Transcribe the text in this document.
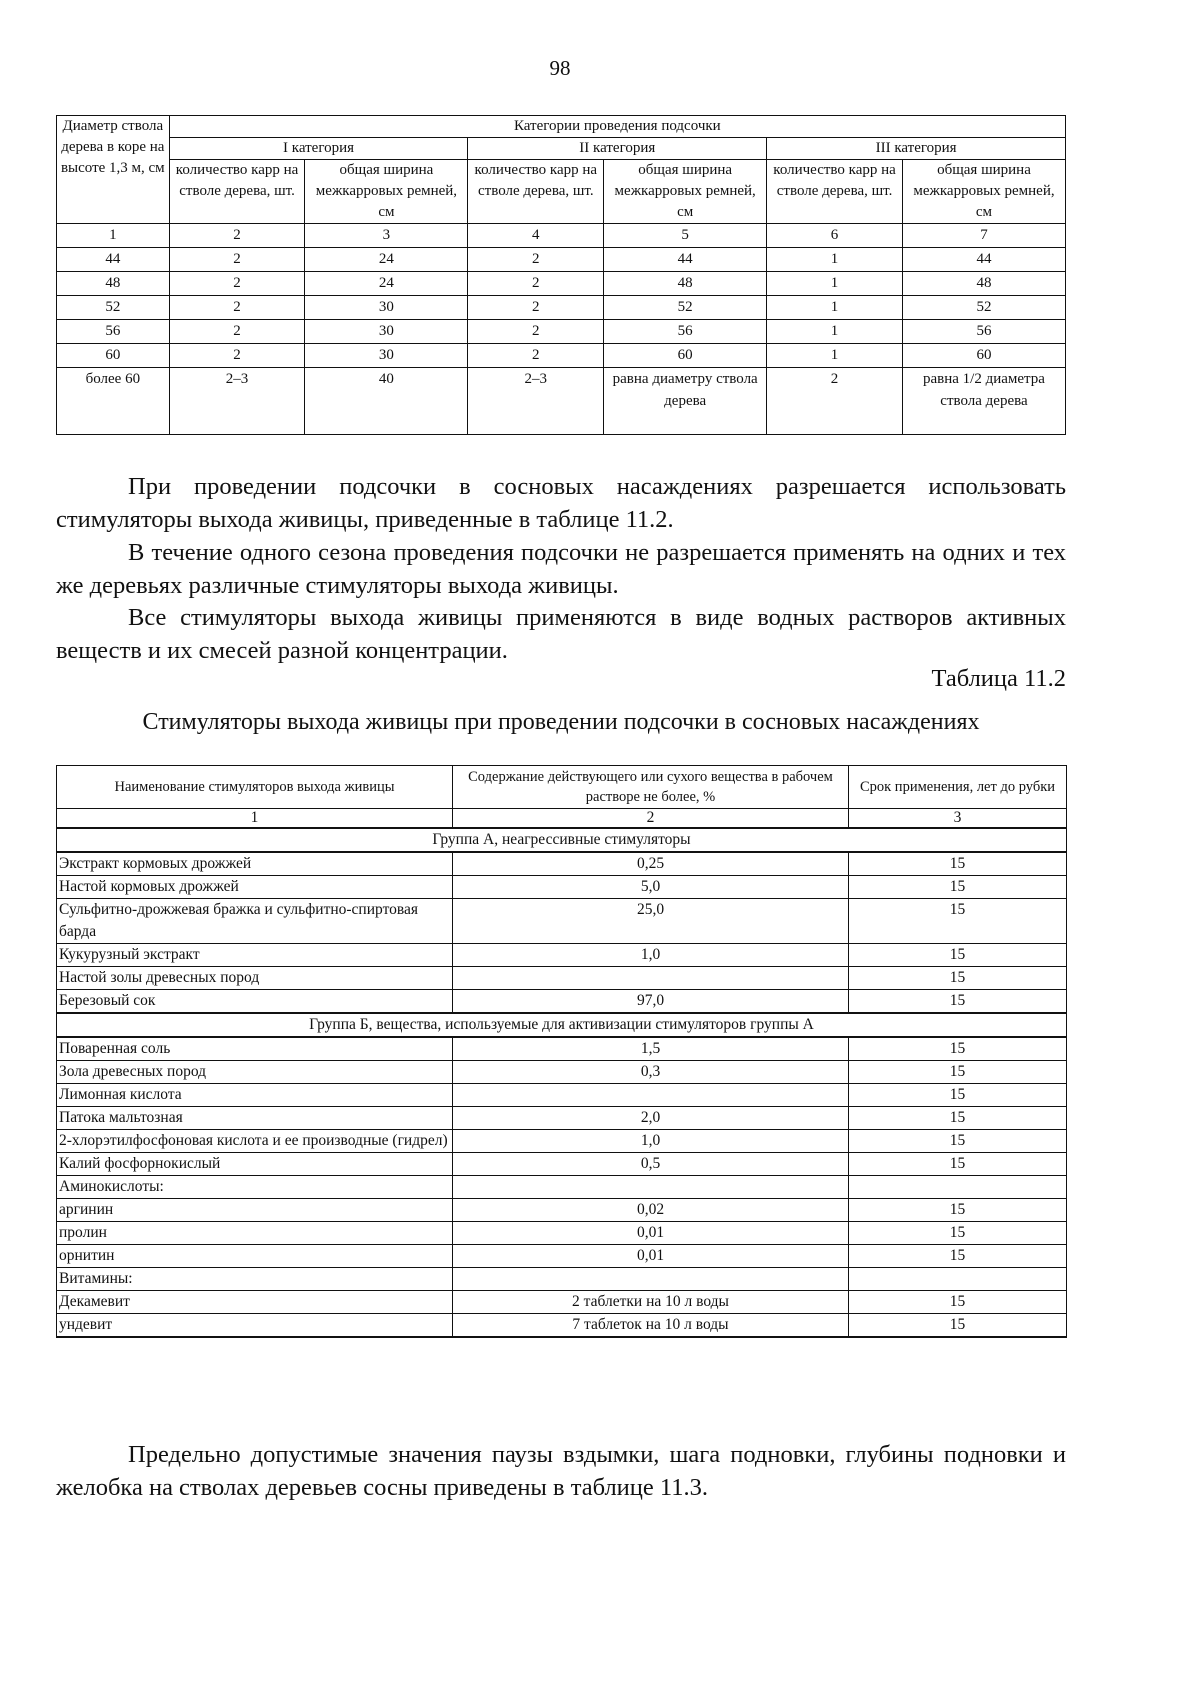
98
Диаметр ствола дерева в коре на высоте 1,3 м, см	Категории проведения подсочки					
	I категория		II категория		III категория	
	количество карр на стволе дерева, шт.	общая ширина межкарровых ремней, см	количество карр на стволе дерева, шт.	общая ширина межкарровых ремней, см	количество карр на стволе дерева, шт.	общая ширина межкарровых ремней, см
1	2	3	4	5	6	7
44	2	24	2	44	1	44
48	2	24	2	48	1	48
52	2	30	2	52	1	52
56	2	30	2	56	1	56
60	2	30	2	60	1	60
более 60	2–3	40	2–3	равна диаметру ствола дерева	2	равна 1/2 диаметра ствола дерева
При проведении подсочки в сосновых насаждениях разрешается использовать стимуляторы выхода живицы, приведенные в таблице 11.2.
В течение одного сезона проведения подсочки не разрешается применять на одних и тех же деревьях различные стимуляторы выхода живицы.
Все стимуляторы выхода живицы применяются в виде водных растворов активных веществ и их смесей разной концентрации.
Таблица 11.2
Стимуляторы выхода живицы при проведении подсочки в сосновых насаждениях
Наименование стимуляторов выхода живицы	Содержание действующего или сухого вещества в рабочем растворе не более, %	Срок применения, лет до рубки
1	2	3
Группа А, неагрессивные стимуляторы		
Экстракт кормовых дрожжей	0,25	15
Настой кормовых дрожжей	5,0	15
Сульфитно-дрожжевая бражка и сульфитно-спиртовая барда	25,0	15
Кукурузный экстракт	1,0	15
Настой золы древесных пород		15
Березовый сок	97,0	15
Группа Б, вещества, используемые для активизации стимуляторов группы А		
Поваренная соль	1,5	15
Зола древесных пород	0,3	15
Лимонная кислота		15
Патока мальтозная	2,0	15
2-хлорэтилфосфоновая кислота и ее производные (гидрел)	1,0	15
Калий фосфорнокислый	0,5	15
Аминокислоты:		
аргинин	0,02	15
пролин	0,01	15
орнитин	0,01	15
Витамины:		
Декамевит	2 таблетки на 10 л воды	15
ундевит	7 таблеток на 10 л воды	15
Предельно допустимые значения паузы вздымки, шага подновки, глубины подновки и желобка на стволах деревьев сосны приведены в таблице 11.3.
